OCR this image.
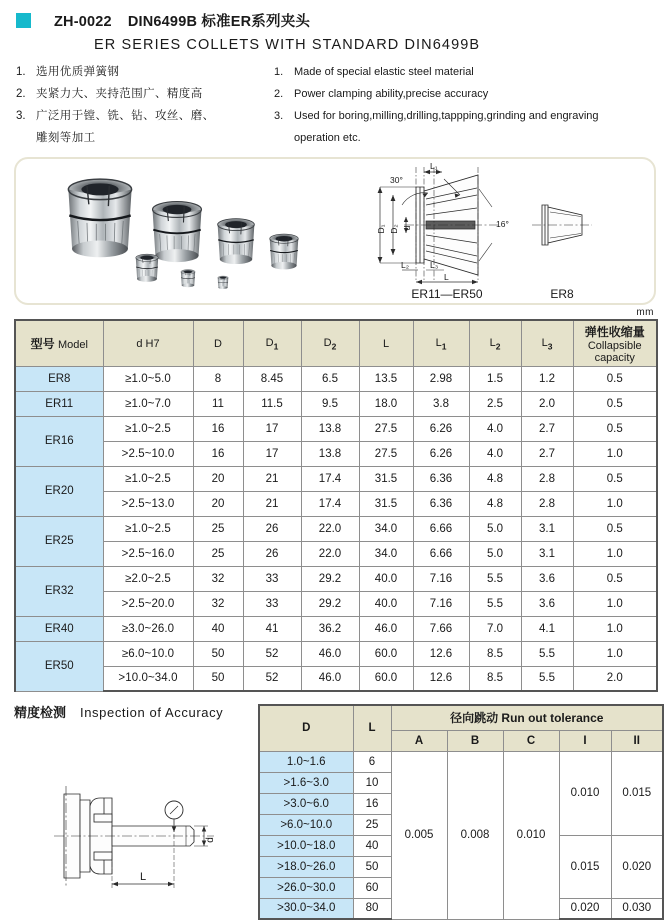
ZH-0022 DIN6499B 标准ER系列夹头
ER SERIES COLLETS WITH STANDARD DIN6499B
1. 选用优质弹簧钢
2. 夹紧力大、夹持范围广、精度高
3. 广泛用于镗、铣、钻、攻丝、磨、
雕刻等加工
1. Made of special elastic steel material
2. Power clamping ability,precise accuracy
3. Used for boring,milling,drilling,tappping,grinding and engraving
operation etc.
30°
16°
D₁ D₂ d
L₁
L₂ L₃
L
ER11—ER50	ER8
mm
型号 Model	d H7	D	$D_1$	$D_2$	L	$L_1$	$L_2$	$L_3$	弹性收缩量
Collapsible capacity

ER8	≥1.0~5.0	8	8.45	6.5	13.5	2.98	1.5	1.2	0.5
ER11	≥1.0~7.0	11	11.5	9.5	18.0	3.8	2.5	2.0	0.5
ER16	≥1.0~2.5	16	17	13.8	27.5	6.26	4.0	2.7	0.5
	>2.5~10.0	16	17	13.8	27.5	6.26	4.0	2.7	1.0
ER20	≥1.0~2.5	20	21	17.4	31.5	6.36	4.8	2.8	0.5
	>2.5~13.0	20	21	17.4	31.5	6.36	4.8	2.8	1.0
ER25	≥1.0~2.5	25	26	22.0	34.0	6.66	5.0	3.1	0.5
	>2.5~16.0	25	26	22.0	34.0	6.66	5.0	3.1	1.0
ER32	≥2.0~2.5	32	33	29.2	40.0	7.16	5.5	3.6	0.5
	>2.5~20.0	32	33	29.2	40.0	7.16	5.5	3.6	1.0
ER40	≥3.0~26.0	40	41	36.2	46.0	7.66	7.0	4.1	1.0
ER50	≥6.0~10.0	50	52	46.0	60.0	12.6	8.5	5.5	1.0
	>10.0~34.0	50	52	46.0	60.0	12.6	8.5	5.5	2.0
精度检测 Inspection of Accuracy
L
d
D	L	径向跳动 Run out tolerance				
		A	B	C	I	II
1.0~1.6	6	0.005	0.008	0.010	0.010	0.015
>1.6~3.0	10					
>3.0~6.0	16					
>6.0~10.0	25					
>10.0~18.0	40				0.015	0.020
>18.0~26.0	50					
>26.0~30.0	60					
>30.0~34.0	80				0.020	0.030
